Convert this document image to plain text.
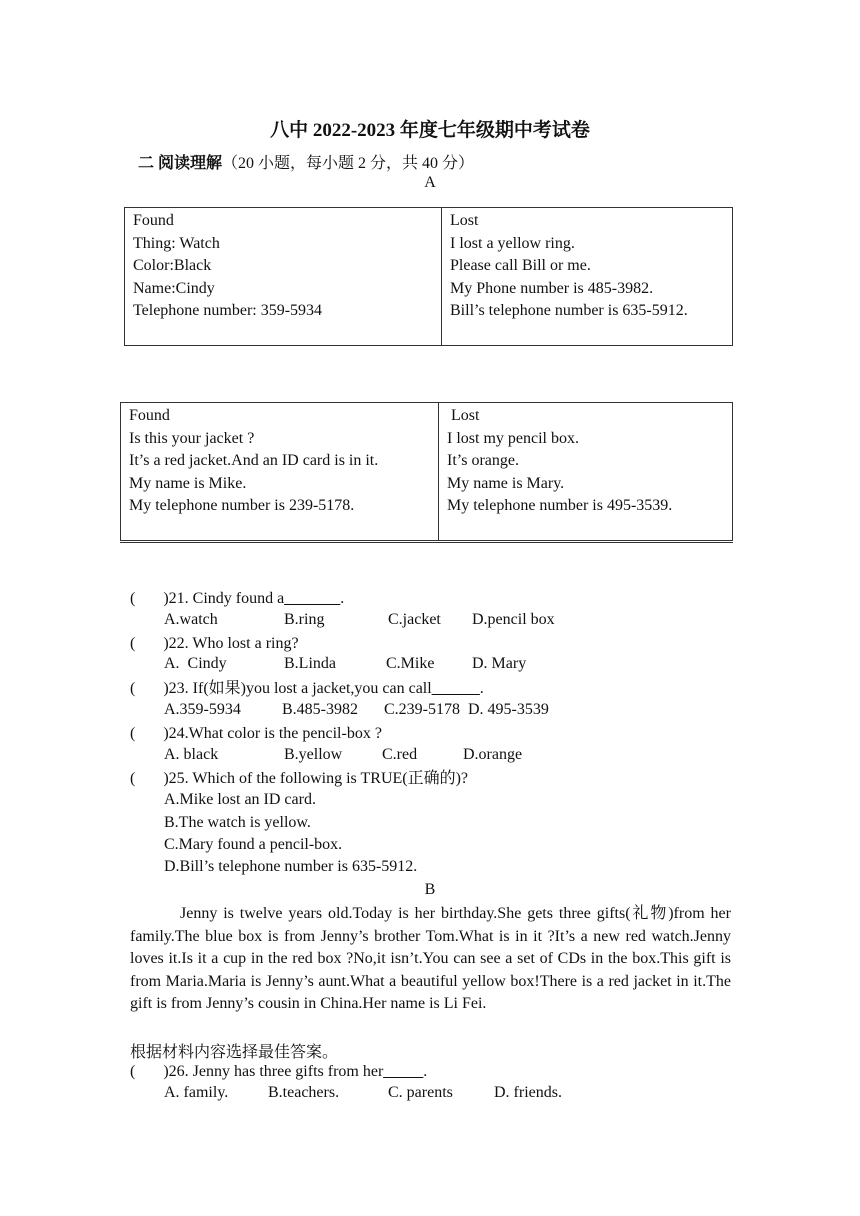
八中 2022-2023 年度七年级期中考试卷
二 阅读理解（20 小题，每小题 2 分，共 40 分）
A
Found
Thing: Watch
Color:Black
Name:Cindy
Telephone number: 359-5934

Lost
I lost a yellow ring.
Please call Bill or me.
My Phone number is 485-3982.
Bill’s telephone number is 635-5912.
Found
Is this your jacket ?
It’s a red jacket.And an ID card is in it.
My name is Mike.
My telephone number is 239-5178.

Lost
I lost my pencil box.
It’s orange.
My name is Mary.
My telephone number is 495-3539.
(       )21. Cindy found a_______.
A.watch	B.ring	C.jacket D.pencil box
(       )22. Who lost a ring?
A.  Cindy	B.Linda	C.Mike D. Mary
(       )23. If(如果)you lost a jacket,you can call______.
A.359-5934	B.485-3982 C.239-5178 D. 495-3539
(       )24.What color is the pencil-box ?
A. black	B.yellow C.red	D.orange
(       )25. Which of the following is TRUE(正确的)?
A.Mike lost an ID card.
B.The watch is yellow.
C.Mary found a pencil-box.
D.Bill’s telephone number is 635-5912.
B
Jenny is twelve years old.Today is her birthday.She gets three gifts(礼物)from her family.The blue box is from Jenny’s brother Tom.What is in it ?It’s a new red watch.Jenny loves it.Is it a cup in the red box ?No,it isn’t.You can see a set of CDs in the box.This gift is from Maria.Maria is Jenny’s aunt.What a beautiful yellow box!There is a red jacket in it.The gift is from Jenny’s cousin in China.Her name is Li Fei.
根据材料内容选择最佳答案。
(       )26. Jenny has three gifts from her_____.
A. family. B.teachers.	C. parents	D. friends.
